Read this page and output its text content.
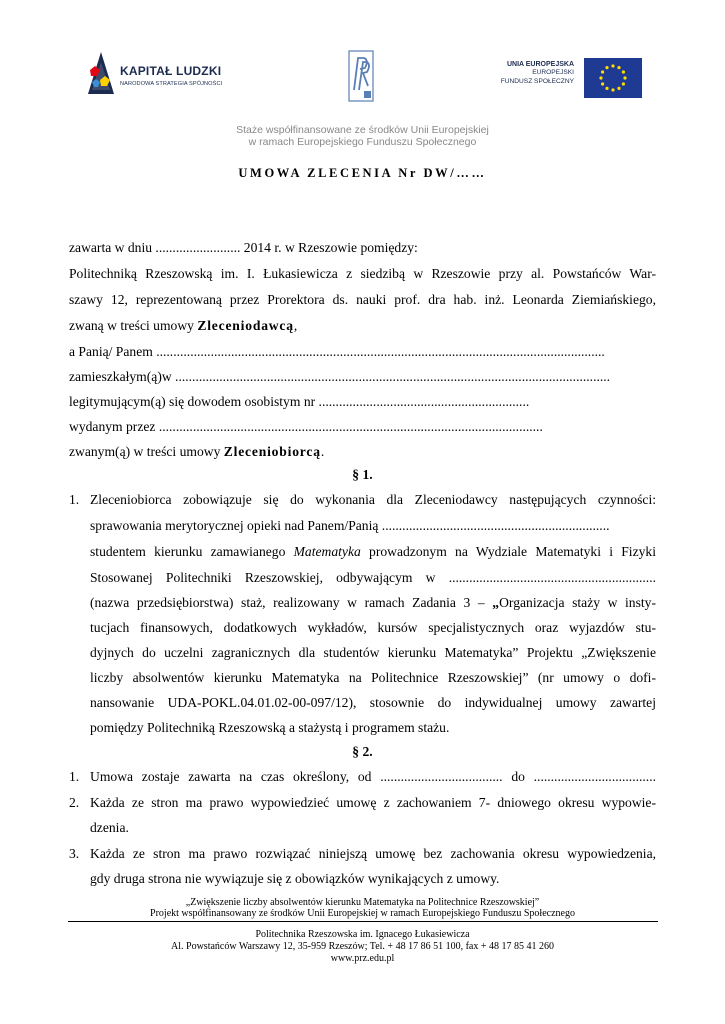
KAPITAŁ LUDZKI
NARODOWA STRATEGIA SPÓJNOŚCI
UNIA EUROPEJSKA
EUROPEJSKI
FUNDUSZ SPOŁECZNY
Staże współfinansowane ze środków Unii Europejskiej
w ramach Europejskiego Funduszu Społecznego
UMOWA ZLECENIA Nr DW/……
zawarta w dniu ......................... 2014 r. w Rzeszowie pomiędzy:
Politechniką Rzeszowską im. I. Łukasiewicza z siedzibą w Rzeszowie przy al. Powstańców War-
szawy 12, reprezentowaną przez Prorektora ds. nauki prof. dra hab. inż. Leonarda Ziemiańskiego,
zwaną w treści umowy Zleceniodawcą,
a Panią/ Panem ....................................................................................................................................
zamieszkałym(ą)w ................................................................................................................................
legitymującym(ą) się dowodem osobistym nr ..............................................................
wydanym przez .................................................................................................................
zwanym(ą) w treści umowy Zleceniobiorcą.
§ 1.
1. Zleceniobiorca zobowiązuje się do wykonania dla Zleceniodawcy następujących czynności:
sprawowania merytorycznej opieki nad Panem/Panią ...................................................................
studentem kierunku zamawianego Matematyka prowadzonym na Wydziale Matematyki i Fizyki
Stosowanej Politechniki Rzeszowskiej, odbywającym w .............................................................
(nazwa przedsiębiorstwa) staż, realizowany w ramach Zadania 3 – „Organizacja staży w insty-
tucjach finansowych, dodatkowych wykładów, kursów specjalistycznych oraz wyjazdów stu-
dyjnych do uczelni zagranicznych dla studentów kierunku Matematyka” Projektu „Zwiększenie
liczby absolwentów kierunku Matematyka na Politechnice Rzeszowskiej” (nr umowy o dofi-
nansowanie UDA-POKL.04.01.02-00-097/12), stosownie do indywidualnej umowy zawartej
pomiędzy Politechniką Rzeszowską a stażystą i programem stażu.
§ 2.
1. Umowa zostaje zawarta na czas określony, od .................................... do ....................................
2. Każda ze stron ma prawo wypowiedzieć umowę z zachowaniem 7- dniowego okresu wypowie-
dzenia.
3. Każda ze stron ma prawo rozwiązać niniejszą umowę bez zachowania okresu wypowiedzenia,
gdy druga strona nie wywiązuje się z obowiązków wynikających z umowy.
„Zwiększenie liczby absolwentów kierunku Matematyka na Politechnice Rzeszowskiej”
Projekt współfinansowany ze środków Unii Europejskiej w ramach Europejskiego Funduszu Społecznego
Politechnika Rzeszowska im. Ignacego Łukasiewicza
Al. Powstańców Warszawy 12, 35-959 Rzeszów; Tel. + 48 17 86 51 100, fax + 48 17 85 41 260
www.prz.edu.pl
